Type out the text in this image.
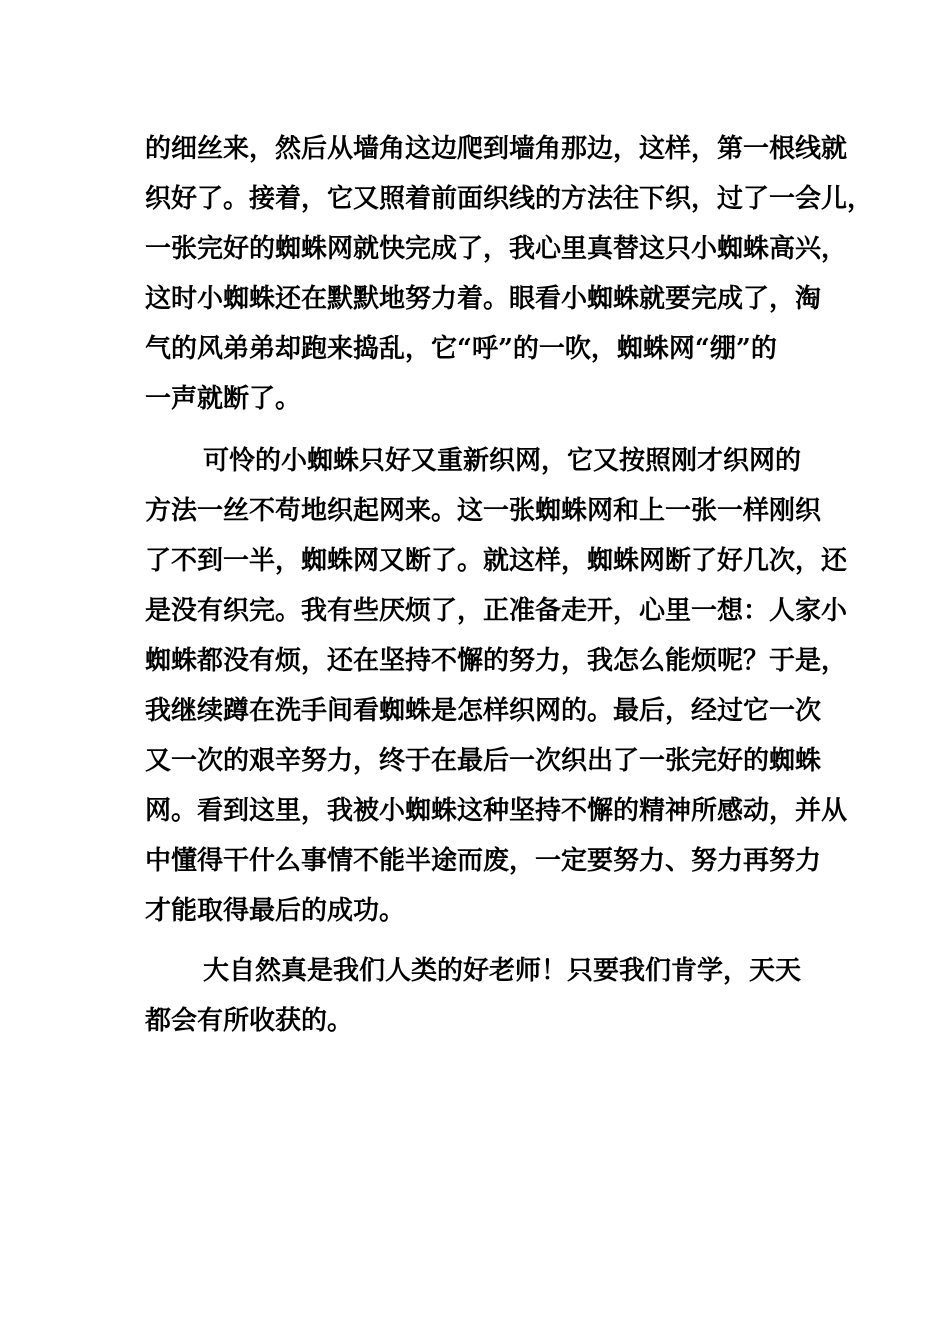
的细丝来，然后从墙角这边爬到墙角那边，这样，第一根线就
织好了。接着，它又照着前面织线的方法往下织，过了一会儿，
一张完好的蜘蛛网就快完成了，我心里真替这只小蜘蛛高兴，
这时小蜘蛛还在默默地努力着。眼看小蜘蛛就要完成了，淘
气的风弟弟却跑来捣乱，它“呼”的一吹，蜘蛛网“绷”的
一声就断了。
可怜的小蜘蛛只好又重新织网，它又按照刚才织网的
方法一丝不苟地织起网来。这一张蜘蛛网和上一张一样刚织
了不到一半，蜘蛛网又断了。就这样，蜘蛛网断了好几次，还
是没有织完。我有些厌烦了，正准备走开，心里一想：人家小
蜘蛛都没有烦，还在坚持不懈的努力，我怎么能烦呢？于是，
我继续蹲在洗手间看蜘蛛是怎样织网的。最后，经过它一次
又一次的艰辛努力，终于在最后一次织出了一张完好的蜘蛛
网。看到这里，我被小蜘蛛这种坚持不懈的精神所感动，并从
中懂得干什么事情不能半途而废，一定要努力、努力再努力
才能取得最后的成功。
大自然真是我们人类的好老师！只要我们肯学，天天
都会有所收获的。
